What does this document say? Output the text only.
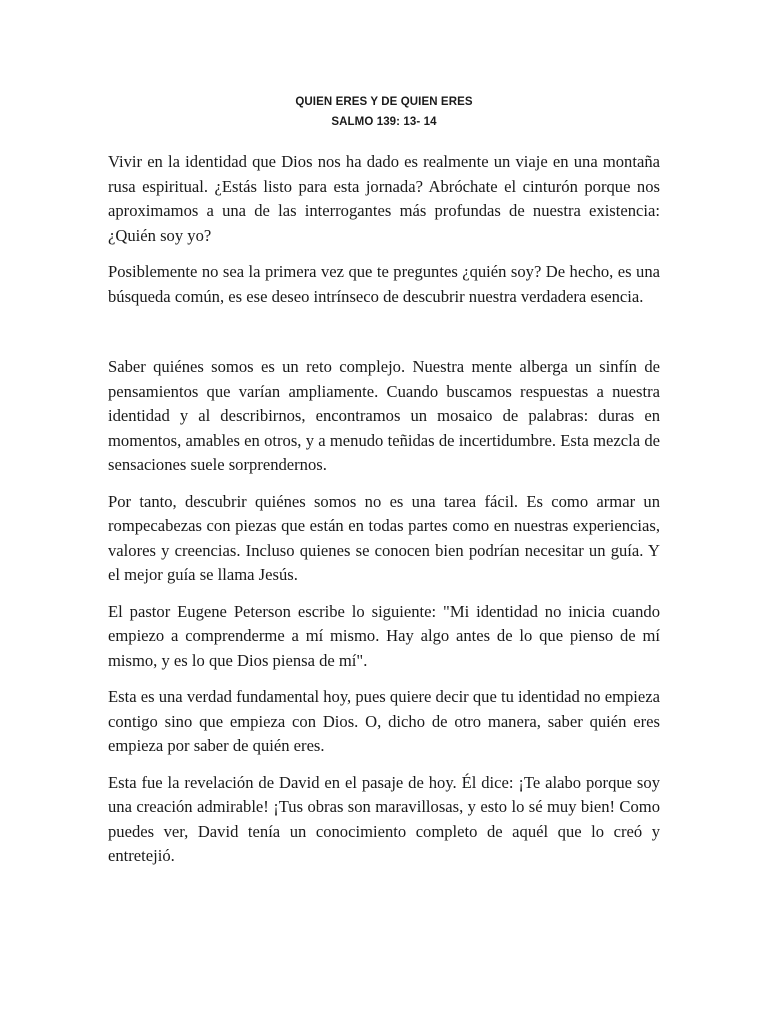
QUIEN ERES Y DE QUIEN ERES
SALMO 139: 13- 14

Vivir en la identidad que Dios nos ha dado es realmente un viaje en una montaña rusa espiritual. ¿Estás listo para esta jornada? Abróchate el cinturón porque nos aproximamos a una de las interrogantes más profundas de nuestra existencia: ¿Quién soy yo?

Posiblemente no sea la primera vez que te preguntes ¿quién soy? De hecho, es una búsqueda común, es ese deseo intrínseco de descubrir nuestra verdadera esencia.

Saber quiénes somos es un reto complejo. Nuestra mente alberga un sinfín de pensamientos que varían ampliamente. Cuando buscamos respuestas a nuestra identidad y al describirnos, encontramos un mosaico de palabras: duras en momentos, amables en otros, y a menudo teñidas de incertidumbre. Esta mezcla de sensaciones suele sorprendernos.

Por tanto, descubrir quiénes somos no es una tarea fácil. Es como armar un rompecabezas con piezas que están en todas partes como en nuestras experiencias, valores y creencias. Incluso quienes se conocen bien podrían necesitar un guía. Y el mejor guía se llama Jesús.

El pastor Eugene Peterson escribe lo siguiente: "Mi identidad no inicia cuando empiezo a comprenderme a mí mismo. Hay algo antes de lo que pienso de mí mismo, y es lo que Dios piensa de mí".

Esta es una verdad fundamental hoy, pues quiere decir que tu identidad no empieza contigo sino que empieza con Dios. O, dicho de otro manera, saber quién eres empieza por saber de quién eres.

Esta fue la revelación de David en el pasaje de hoy. Él dice: ¡Te alabo porque soy una creación admirable! ¡Tus obras son maravillosas, y esto lo sé muy bien! Como puedes ver, David tenía un conocimiento completo de aquél que lo creó y entretejió.
